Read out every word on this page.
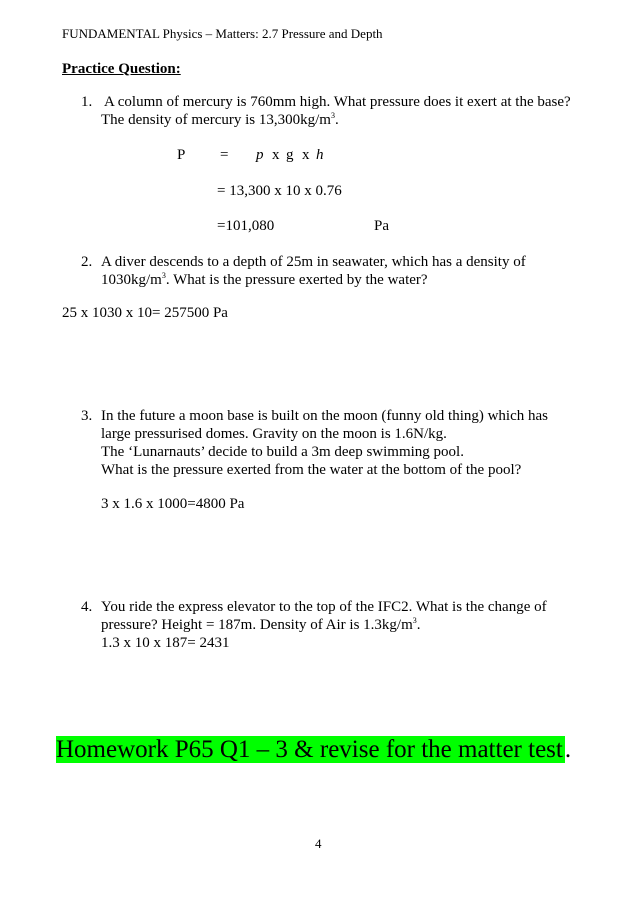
FUNDAMENTAL Physics – Matters: 2.7 Pressure and Depth
Practice Question:
1. A column of mercury is 760mm high. What pressure does it exert at the base?
The density of mercury is $13,300kg/m^3$.
P = p x g x h
= 13,300 x 10 x 0.76
=101,080	Pa
2. A diver descends to a depth of 25m in seawater, which has a density of
$1030kg/m^3$. What is the pressure exerted by the water?
25 x 1030 x 10= 257500 Pa
3. In the future a moon base is built on the moon (funny old thing) which has
large pressurised domes. Gravity on the moon is 1.6N/kg.
The ‘Lunarnauts’ decide to build a 3m deep swimming pool.
What is the pressure exerted from the water at the bottom of the pool?
3 x 1.6 x 1000=4800 Pa
4. You ride the express elevator to the top of the IFC2. What is the change of
pressure? Height = 187m. Density of Air is $1.3kg/m^3$.
1.3 x 10 x 187= 2431
Homework P65 Q1 – 3 & revise for the matter test.
4
